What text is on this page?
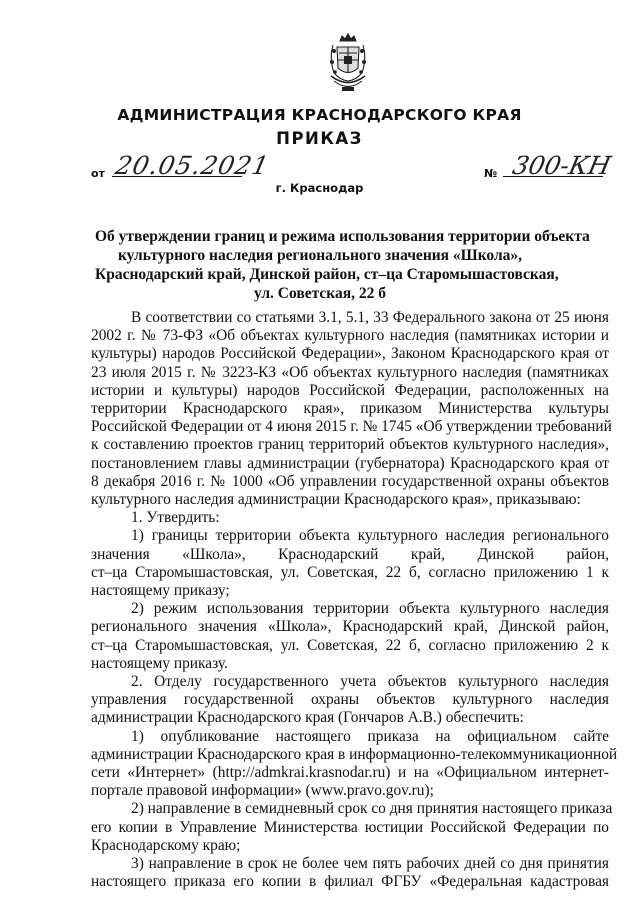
АДМИНИСТРАЦИЯ КРАСНОДАРСКОГО КРАЯ
ПРИКАЗ
от 20.05.2021	№ 300-КН
г. Краснодар
Об утверждении границ и режима использования территории объекта
культурного наследия регионального значения «Школа»,
Краснодарский край, Динской район, ст–ца Старомышастовская,
ул. Советская, 22 б
В соответствии со статьями 3.1, 5.1, 33 Федерального закона от 25 июня
2002 г. № 73-ФЗ «Об объектах культурного наследия (памятниках истории и
культуры) народов Российской Федерации», Законом Краснодарского края от
23 июля 2015 г. № 3223-КЗ «Об объектах культурного наследия (памятниках
истории и культуры) народов Российской Федерации, расположенных на
территории Краснодарского края», приказом Министерства культуры
Российской Федерации от 4 июня 2015 г. № 1745 «Об утверждении требований
к составлению проектов границ территорий объектов культурного наследия»,
постановлением главы администрации (губернатора) Краснодарского края от
8 декабря 2016 г. № 1000 «Об управлении государственной охраны объектов
культурного наследия администрации Краснодарского края», приказываю:
1. Утвердить:
1) границы территории объекта культурного наследия регионального
значения «Школа», Краснодарский край, Динской район,
ст–ца Старомышастовская, ул. Советская, 22 б, согласно приложению 1 к
настоящему приказу;
2) режим использования территории объекта культурного наследия
регионального значения «Школа», Краснодарский край, Динской район,
ст–ца Старомышастовская, ул. Советская, 22 б, согласно приложению 2 к
настоящему приказу.
2. Отделу государственного учета объектов культурного наследия
управления государственной охраны объектов культурного наследия
администрации Краснодарского края (Гончаров А.В.) обеспечить:
1) опубликование настоящего приказа на официальном сайте
администрации Краснодарского края в информационно-телекоммуникационной
сети «Интернет» (http://admkrai.krasnodar.ru) и на «Официальном интернет-
портале правовой информации» (www.pravo.gov.ru);
2) направление в семидневный срок со дня принятия настоящего приказа
его копии в Управление Министерства юстиции Российской Федерации по
Краснодарскому краю;
3) направление в срок не более чем пять рабочих дней со дня принятия
настоящего приказа его копии в филиал ФГБУ «Федеральная кадастровая
